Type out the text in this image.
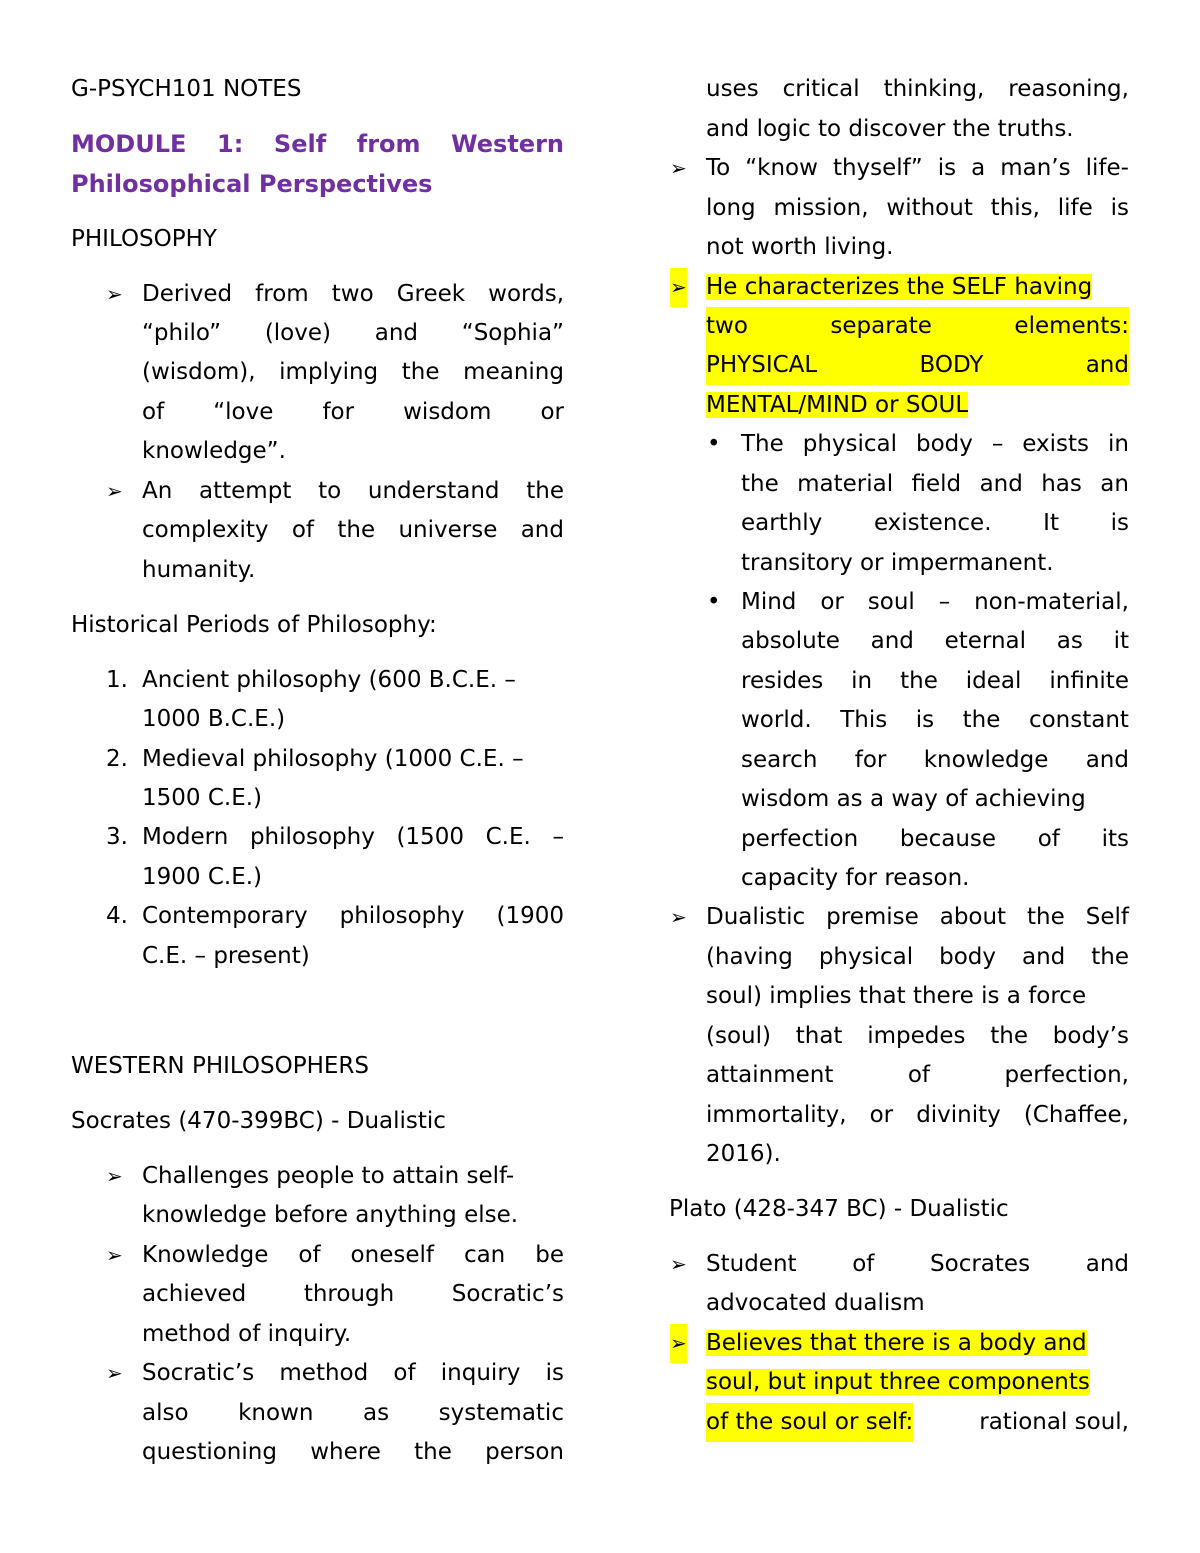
G-PSYCH101 NOTES
MODULE 1: Self from Western
Philosophical Perspectives
PHILOSOPHY
➢ Derived from two Greek words,
“philo” (love) and “Sophia”
(wisdom), implying the meaning
of “love for wisdom or
knowledge”.
➢ An attempt to understand the
complexity of the universe and
humanity.
Historical Periods of Philosophy:
1. Ancient philosophy (600 B.C.E. –
1000 B.C.E.)
2. Medieval philosophy (1000 C.E. –
1500 C.E.)
3. Modern philosophy (1500 C.E. –
1900 C.E.)
4. Contemporary philosophy (1900
C.E. – present)
WESTERN PHILOSOPHERS
Socrates (470-399BC) - Dualistic
➢ Challenges people to attain self-
knowledge before anything else.
➢ Knowledge of oneself can be
achieved	through	Socratic’s
method of inquiry.
➢ Socratic’s method of inquiry is
also known as systematic
questioning where the person
uses critical thinking, reasoning,
and logic to discover the truths.
➢ To “know thyself” is a man’s life-
long mission, without this, life is
not worth living.
➢ He characterizes the SELF having
two	separate	elements:
PHYSICAL	BODY	and
MENTAL/MIND or SOUL
• The physical body – exists in
the material field and has an
earthly existence. It is
transitory or impermanent.
• Mind or soul – non-material,
absolute and eternal as it
resides in the ideal infinite
world. This is the constant
search for knowledge and
wisdom as a way of achieving
perfection because of its
capacity for reason.
➢ Dualistic premise about the Self
(having physical body and the
soul) implies that there is a force
(soul) that impedes the body’s
attainment	of	perfection,
immortality, or divinity (Chaffee,
2016).
Plato (428-347 BC) - Dualistic
➢ Student of Socrates and
advocated dualism
➢ Believes that there is a body and
soul, but input three components
of the soul or self:	rational soul,
